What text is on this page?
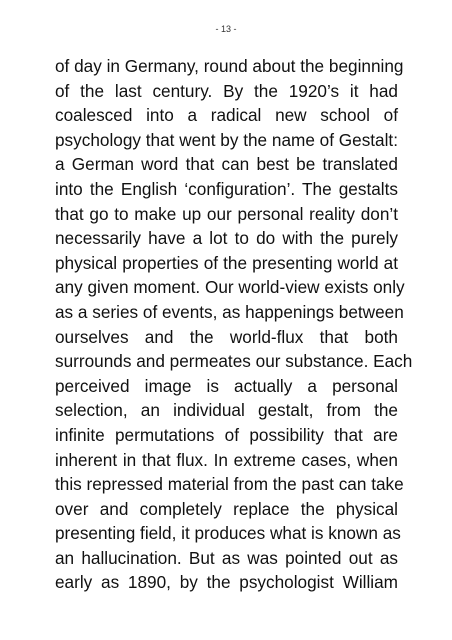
- 13 -
of day in Germany, round about the beginning
of the last century. By the 1920’s it had
coalesced into a radical new school of
psychology that went by the name of Gestalt:
a German word that can best be translated
into the English ‘configuration’. The gestalts
that go to make up our personal reality don’t
necessarily have a lot to do with the purely
physical properties of the presenting world at
any given moment. Our world-view exists only
as a series of events, as happenings between
ourselves and the world-flux that both
surrounds and permeates our substance. Each
perceived image is actually a personal
selection, an individual gestalt, from the
infinite permutations of possibility that are
inherent in that flux. In extreme cases, when
this repressed material from the past can take
over and completely replace the physical
presenting field, it produces what is known as
an hallucination. But as was pointed out as
early as 1890, by the psychologist William
